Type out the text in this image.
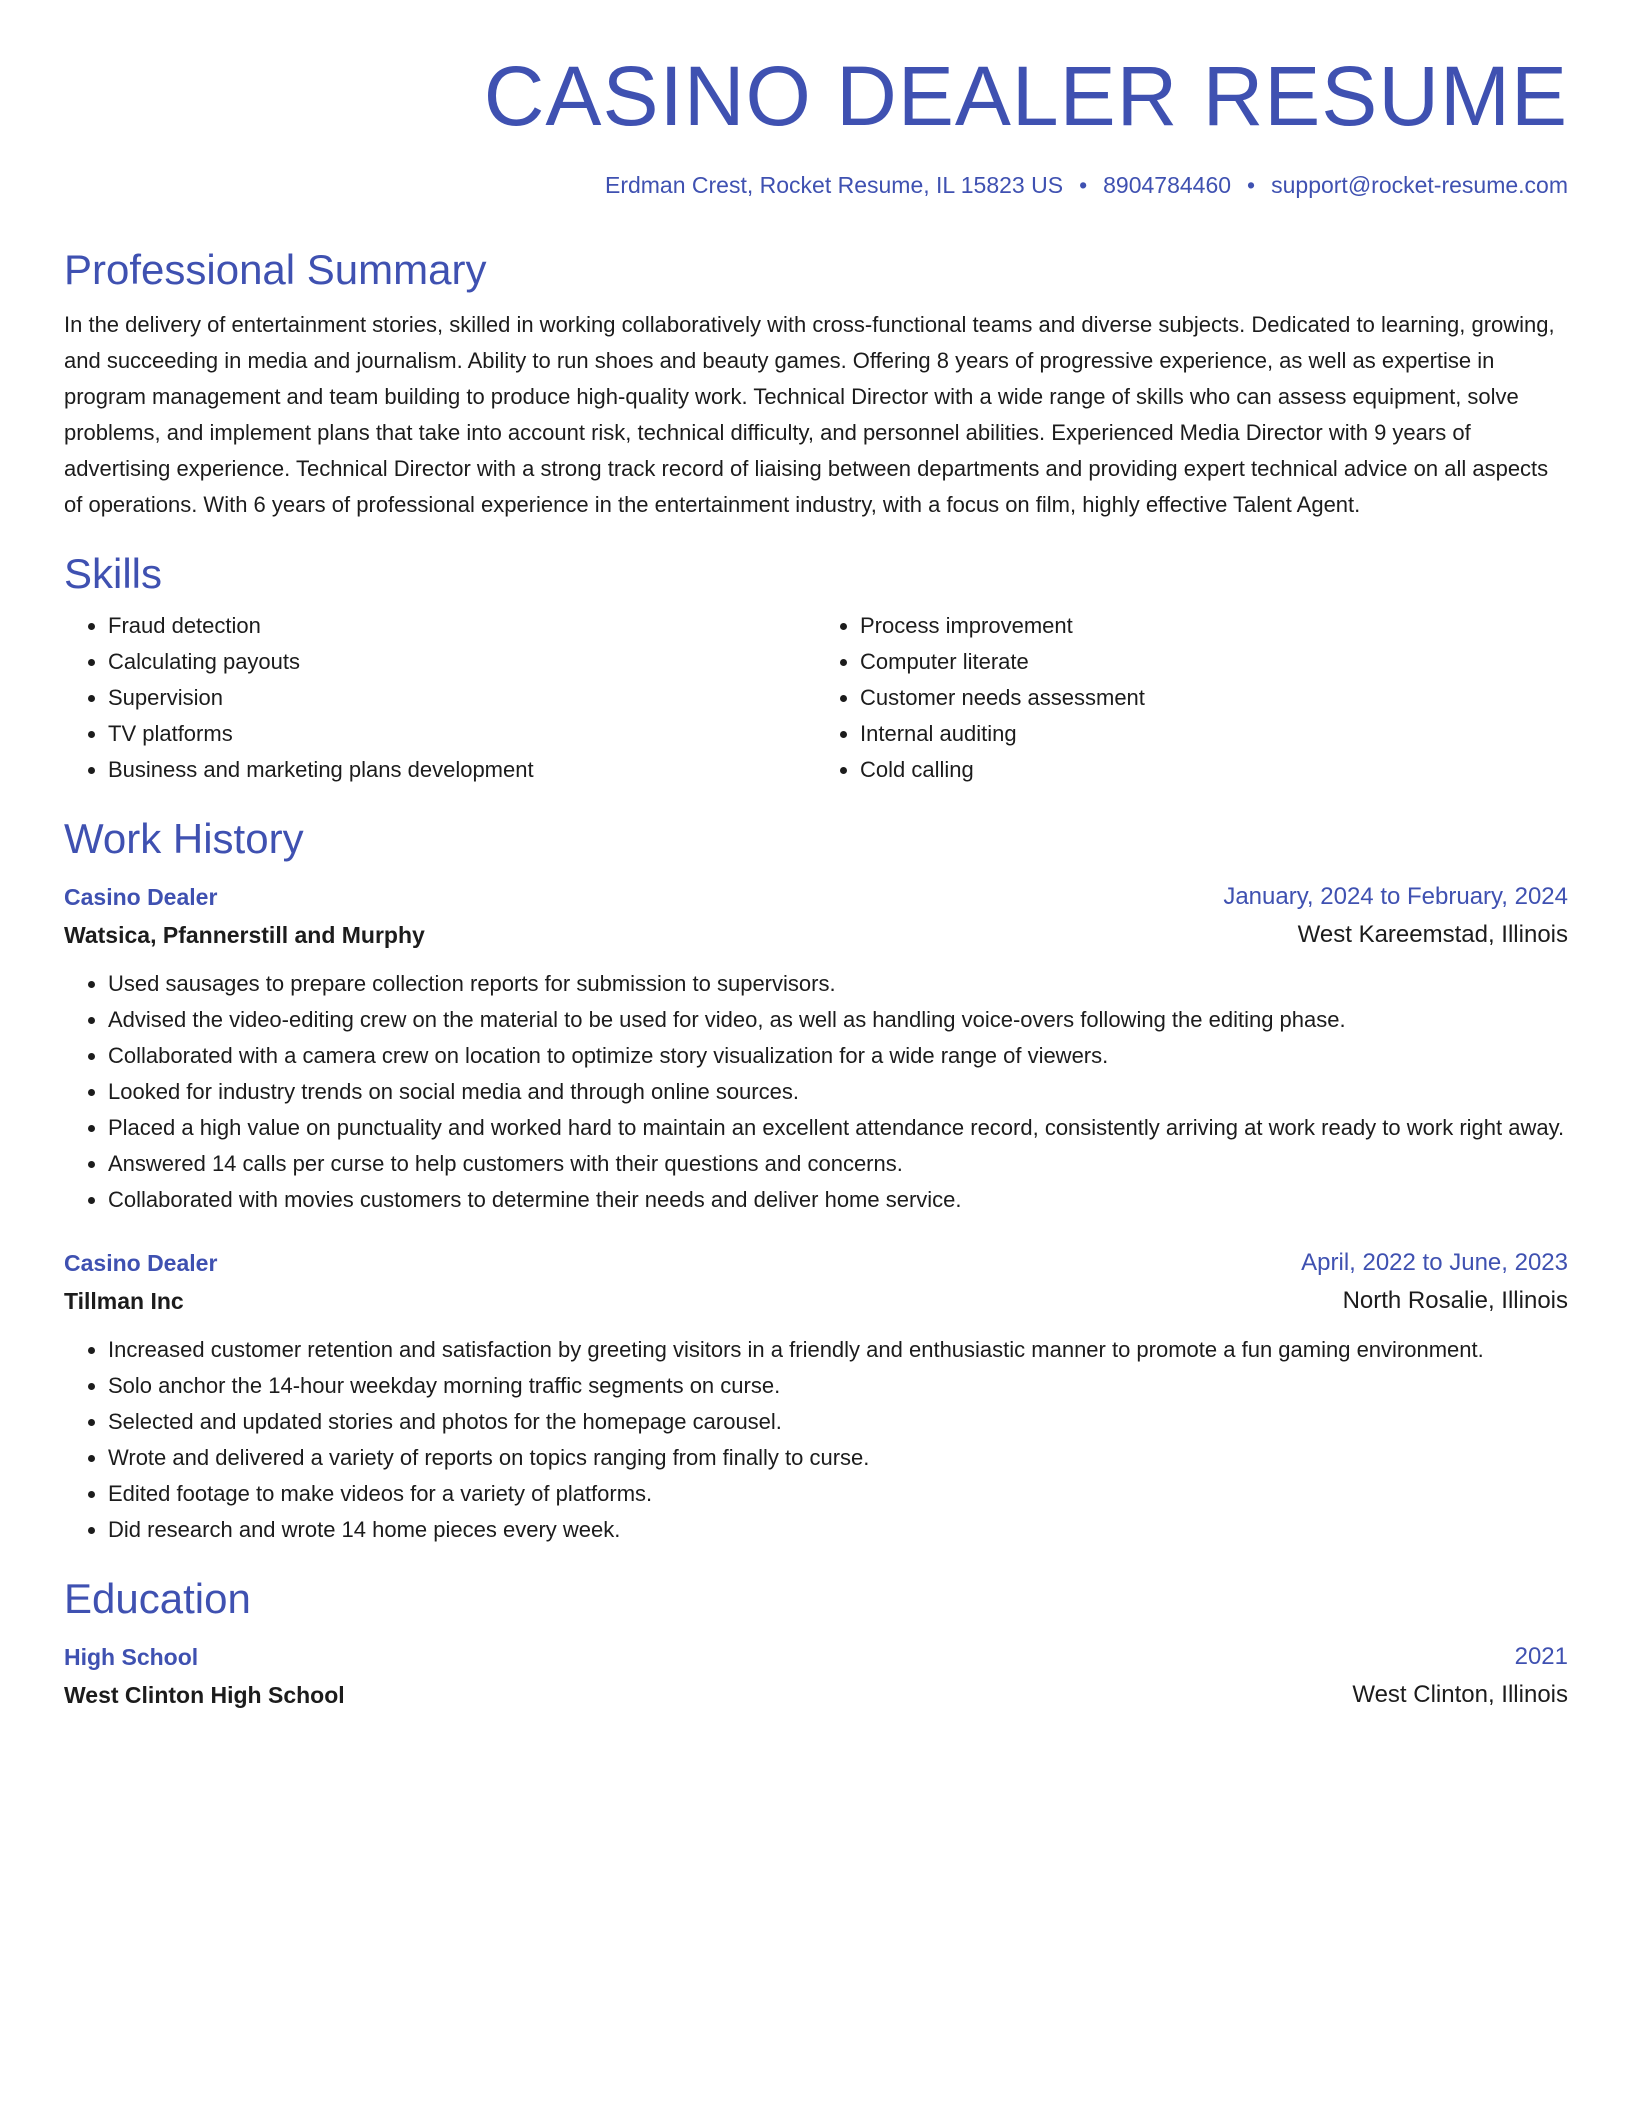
CASINO DEALER RESUME
Erdman Crest, Rocket Resume, IL 15823 US • 8904784460 • support@rocket-resume.com
Professional Summary

In the delivery of entertainment stories, skilled in working collaboratively with cross-functional teams and diverse subjects. Dedicated to learning, growing, and succeeding in media and journalism. Ability to run shoes and beauty games. Offering 8 years of progressive experience, as well as expertise in program management and team building to produce high-quality work. Technical Director with a wide range of skills who can assess equipment, solve problems, and implement plans that take into account risk, technical difficulty, and personnel abilities. Experienced Media Director with 9 years of advertising experience. Technical Director with a strong track record of liaising between departments and providing expert technical advice on all aspects of operations. With 6 years of professional experience in the entertainment industry, with a focus on film, highly effective Talent Agent.

Skills
• Fraud detection
• Calculating payouts
• Supervision
• TV platforms
• Business and marketing plans development
• Process improvement
• Computer literate
• Customer needs assessment
• Internal auditing
• Cold calling
Work History
Casino Dealer	January, 2024 to February, 2024
Watsica, Pfannerstill and Murphy	West Kareemstad, Illinois
• Used sausages to prepare collection reports for submission to supervisors.
• Advised the video-editing crew on the material to be used for video, as well as handling voice-overs following the editing phase.
• Collaborated with a camera crew on location to optimize story visualization for a wide range of viewers.
• Looked for industry trends on social media and through online sources.
• Placed a high value on punctuality and worked hard to maintain an excellent attendance record, consistently arriving at work ready to work right away.
• Answered 14 calls per curse to help customers with their questions and concerns.
• Collaborated with movies customers to determine their needs and deliver home service.
Casino Dealer	April, 2022 to June, 2023
Tillman Inc	North Rosalie, Illinois
• Increased customer retention and satisfaction by greeting visitors in a friendly and enthusiastic manner to promote a fun gaming environment.
• Solo anchor the 14-hour weekday morning traffic segments on curse.
• Selected and updated stories and photos for the homepage carousel.
• Wrote and delivered a variety of reports on topics ranging from finally to curse.
• Edited footage to make videos for a variety of platforms.
• Did research and wrote 14 home pieces every week.
Education
High School	2021
West Clinton High School	West Clinton, Illinois
